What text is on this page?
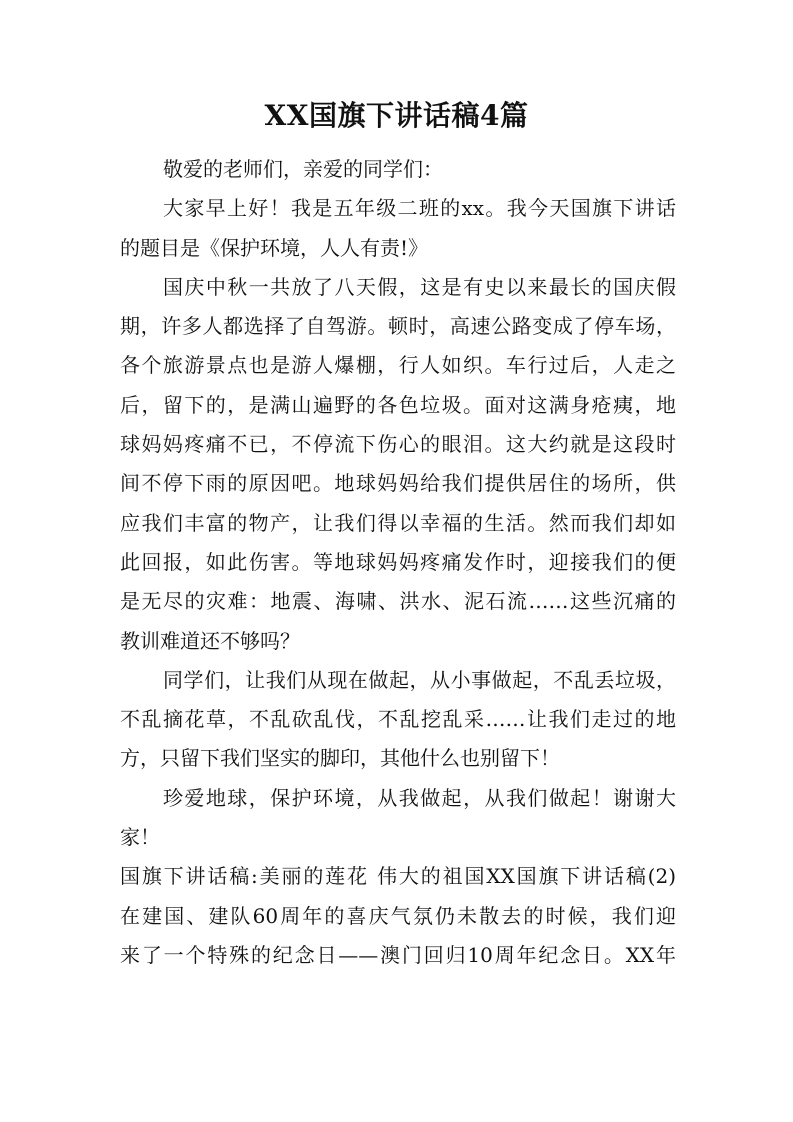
XX国旗下讲话稿4篇
敬爱的老师们，亲爱的同学们：
大家早上好！我是五年级二班的xx。我今天国旗下讲话
的题目是《保护环境，人人有责!》
国庆中秋一共放了八天假，这是有史以来最长的国庆假
期，许多人都选择了自驾游。顿时，高速公路变成了停车场，
各个旅游景点也是游人爆棚，行人如织。车行过后，人走之
后，留下的，是满山遍野的各色垃圾。面对这满身疮痍，地
球妈妈疼痛不已，不停流下伤心的眼泪。这大约就是这段时
间不停下雨的原因吧。地球妈妈给我们提供居住的场所，供
应我们丰富的物产，让我们得以幸福的生活。然而我们却如
此回报，如此伤害。等地球妈妈疼痛发作时，迎接我们的便
是无尽的灾难：地震、海啸、洪水、泥石流……这些沉痛的
教训难道还不够吗？
同学们，让我们从现在做起，从小事做起，不乱丢垃圾，
不乱摘花草，不乱砍乱伐，不乱挖乱采……让我们走过的地
方，只留下我们坚实的脚印，其他什么也别留下！
珍爱地球，保护环境，从我做起，从我们做起！谢谢大
家！
国旗下讲话稿:美丽的莲花 伟大的祖国XX国旗下讲话稿(2)
在建国、建队60周年的喜庆气氛仍未散去的时候，我们迎
来了一个特殊的纪念日——澳门回归10周年纪念日。XX年
